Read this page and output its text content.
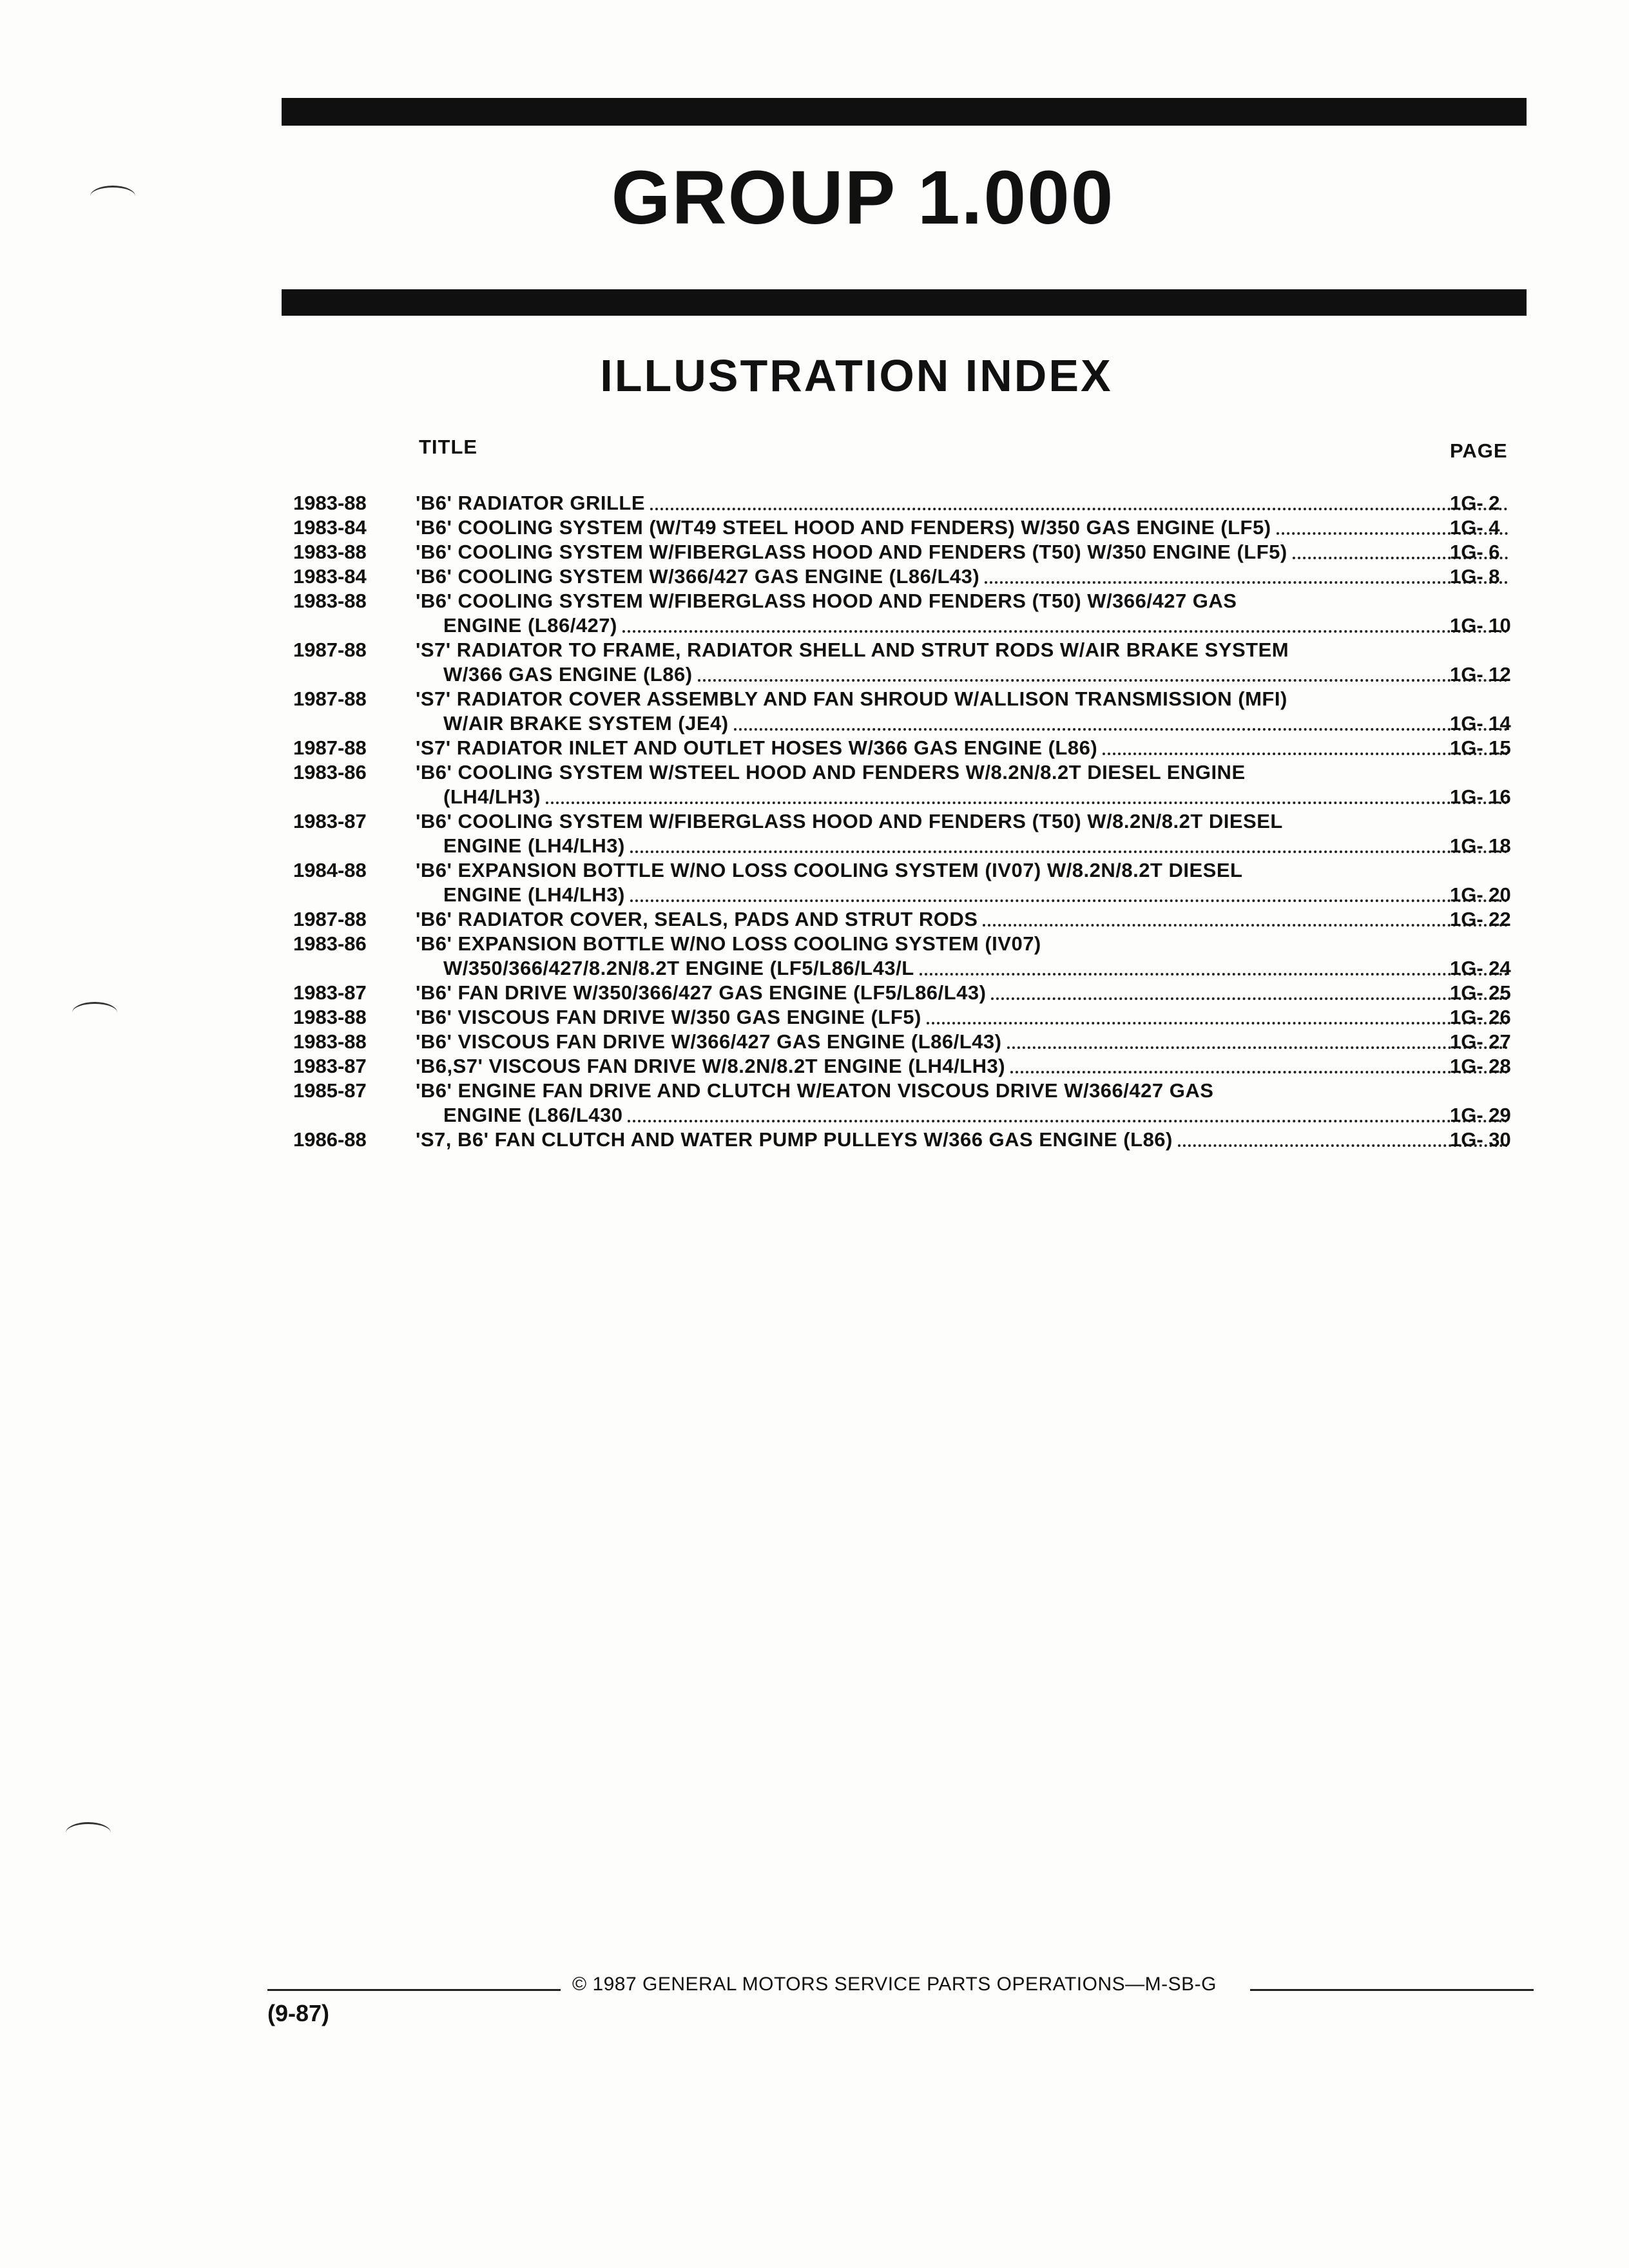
GROUP 1.000
ILLUSTRATION INDEX
TITLE	PAGE
1983-88	'B6' RADIATOR GRILLE	1G- 2
1983-84	'B6' COOLING SYSTEM (W/T49 STEEL HOOD AND FENDERS) W/350 GAS ENGINE (LF5)	1G- 4
1983-88	'B6' COOLING SYSTEM W/FIBERGLASS HOOD AND FENDERS (T50) W/350 ENGINE (LF5)	1G- 6
1983-84	'B6' COOLING SYSTEM W/366/427 GAS ENGINE (L86/L43)	1G- 8
1983-88	'B6' COOLING SYSTEM W/FIBERGLASS HOOD AND FENDERS (T50) W/366/427 GAS
ENGINE (L86/427)	1G- 10
1987-88	'S7' RADIATOR TO FRAME, RADIATOR SHELL AND STRUT RODS W/AIR BRAKE SYSTEM
W/366 GAS ENGINE (L86)	1G- 12
1987-88	'S7' RADIATOR COVER ASSEMBLY AND FAN SHROUD W/ALLISON TRANSMISSION (MFI)
W/AIR BRAKE SYSTEM (JE4)	1G- 14
1987-88	'S7' RADIATOR INLET AND OUTLET HOSES W/366 GAS ENGINE (L86)	1G- 15
1983-86	'B6' COOLING SYSTEM W/STEEL HOOD AND FENDERS W/8.2N/8.2T DIESEL ENGINE
(LH4/LH3)	1G- 16
1983-87	'B6' COOLING SYSTEM W/FIBERGLASS HOOD AND FENDERS (T50) W/8.2N/8.2T DIESEL
ENGINE (LH4/LH3)	1G- 18
1984-88	'B6' EXPANSION BOTTLE W/NO LOSS COOLING SYSTEM (IV07) W/8.2N/8.2T DIESEL
ENGINE (LH4/LH3)	1G- 20
1987-88	'B6' RADIATOR COVER, SEALS, PADS AND STRUT RODS	1G- 22
1983-86	'B6' EXPANSION BOTTLE W/NO LOSS COOLING SYSTEM (IV07)
W/350/366/427/8.2N/8.2T ENGINE (LF5/L86/L43/L	1G- 24
1983-87	'B6' FAN DRIVE W/350/366/427 GAS ENGINE (LF5/L86/L43)	1G- 25
1983-88	'B6' VISCOUS FAN DRIVE W/350 GAS ENGINE (LF5)	1G- 26
1983-88	'B6' VISCOUS FAN DRIVE W/366/427 GAS ENGINE (L86/L43)	1G- 27
1983-87	'B6,S7' VISCOUS FAN DRIVE W/8.2N/8.2T ENGINE (LH4/LH3)	1G- 28
1985-87	'B6' ENGINE FAN DRIVE AND CLUTCH W/EATON VISCOUS DRIVE W/366/427 GAS
ENGINE (L86/L430	1G- 29
1986-88	'S7, B6' FAN CLUTCH AND WATER PUMP PULLEYS W/366 GAS ENGINE (L86)	1G- 30
© 1987 GENERAL MOTORS SERVICE PARTS OPERATIONS—M-SB-G
(9-87)
